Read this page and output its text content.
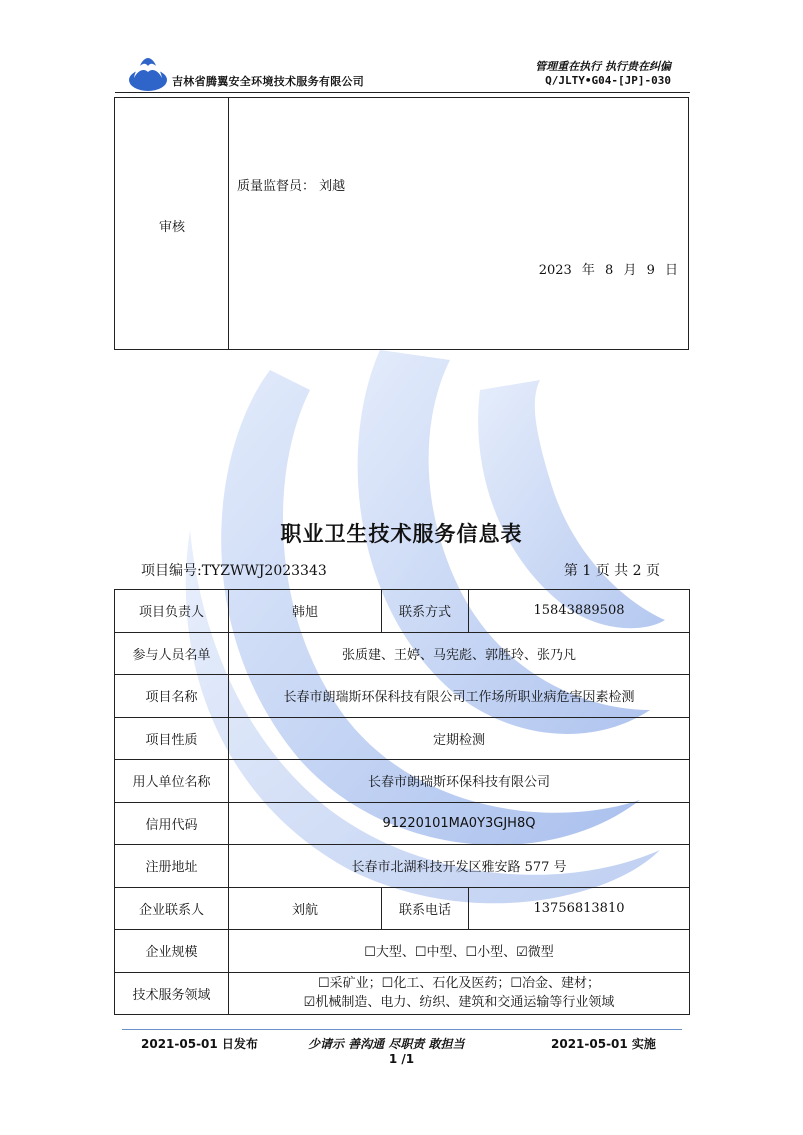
吉林省腾翼安全环境技术服务有限公司
管理重在执行 执行贵在纠偏
Q/JLTY•G04-[JP]-030
审核
质量监督员： 刘越
2023 年 8 月 9 日
职业卫生技术服务信息表
项目编号:TYZWWJ2023343	第 1 页 共 2 页
项目负责人	韩旭	联系方式	15843889508
参与人员名单	张质建、王婷、马宪彪、郭胜玲、张乃凡		
项目名称	长春市朗瑞斯环保科技有限公司工作场所职业病危害因素检测		
项目性质	定期检测		
用人单位名称	长春市朗瑞斯环保科技有限公司		
信用代码	91220101MA0Y3GJH8Q		
注册地址	长春市北湖科技开发区雅安路 577 号		
企业联系人	刘航	联系电话	13756813810
企业规模	☐大型、☐中型、☐小型、☑微型		
技术服务领域	☐采矿业；☐化工、石化及医药；☐冶金、建材；
☑机械制造、电力、纺织、建筑和交通运输等行业领域		
2021-05-01 日发布	少请示 善沟通 尽职责 敢担当	2021-05-01 实施
1 /1
